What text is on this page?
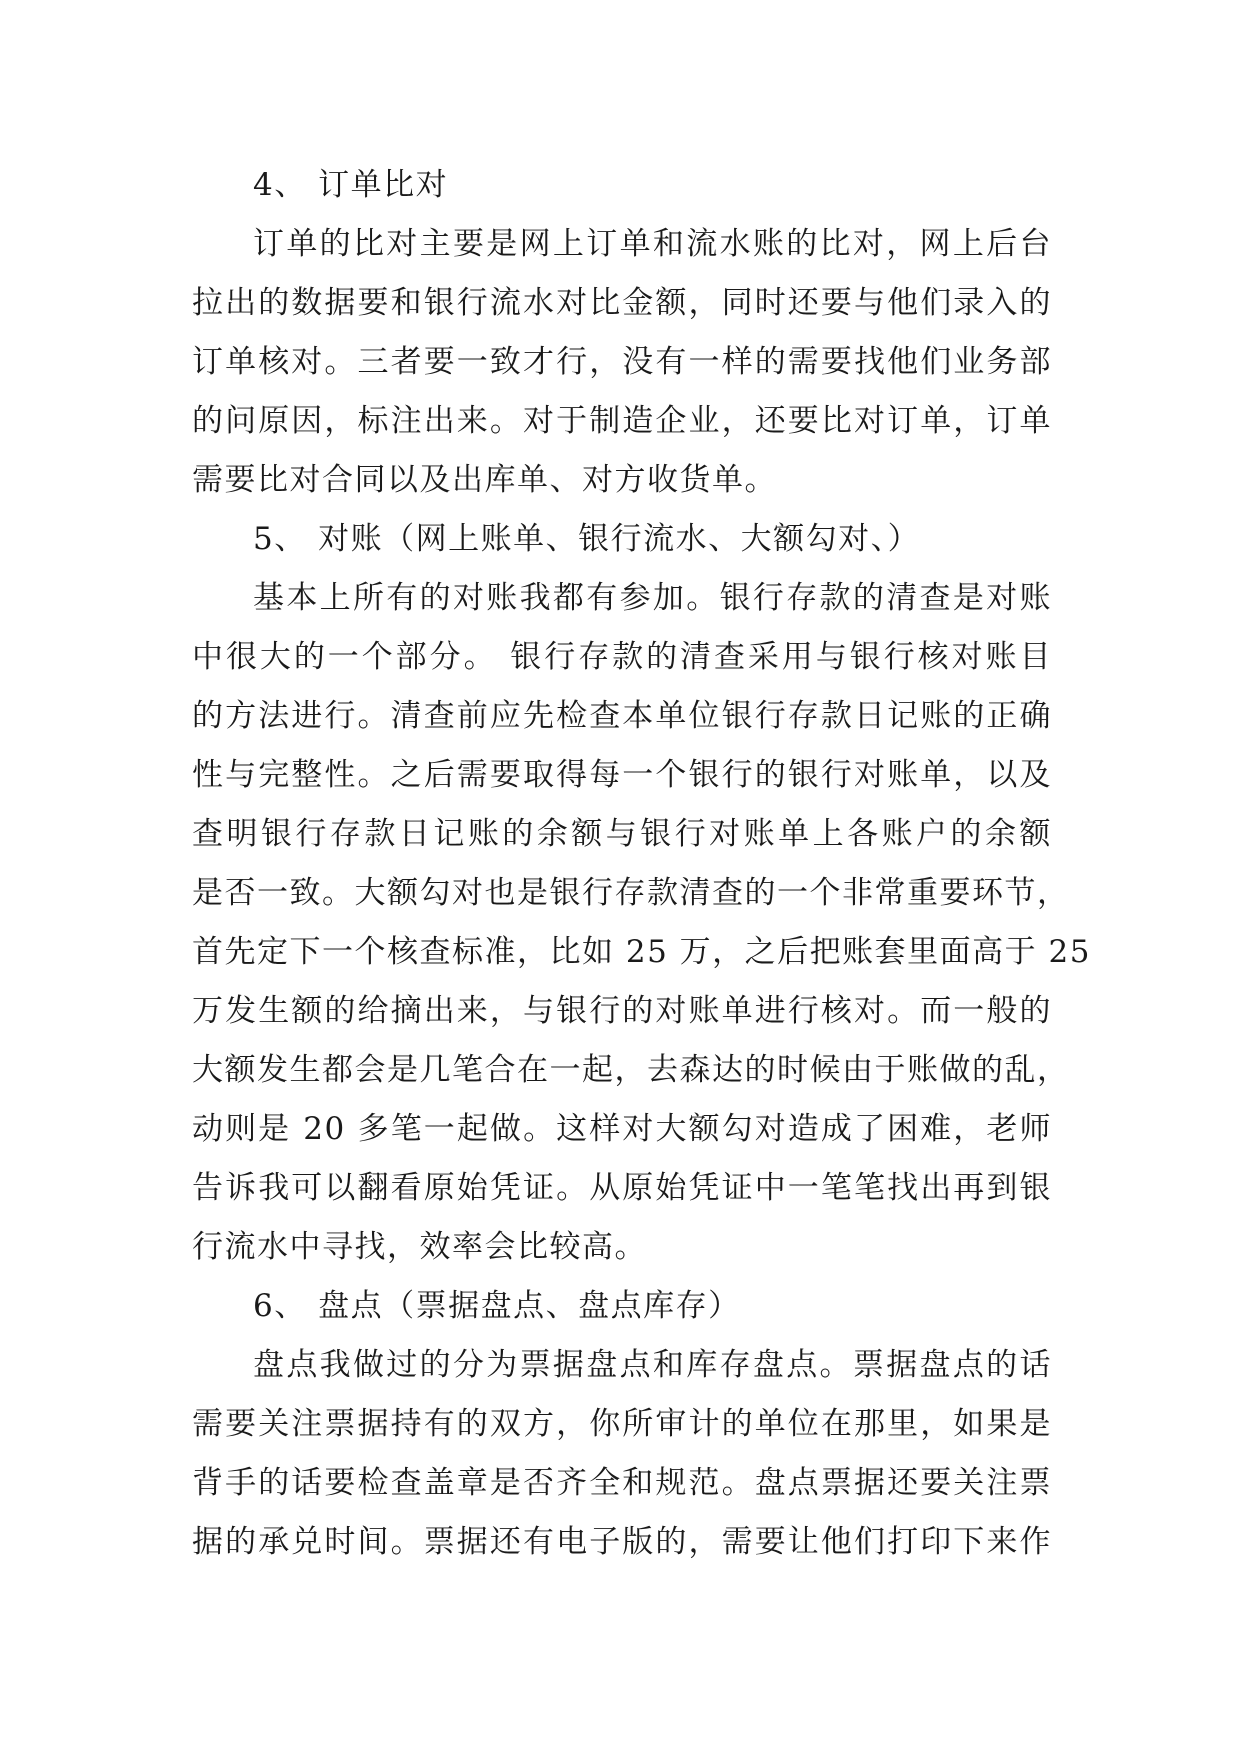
4、 订单比对
订单的比对主要是网上订单和流水账的比对，网上后台
拉出的数据要和银行流水对比金额，同时还要与他们录入的
订单核对。三者要一致才行，没有一样的需要找他们业务部
的问原因，标注出来。对于制造企业，还要比对订单，订单
需要比对合同以及出库单、对方收货单。
5、 对账（网上账单、银行流水、大额勾对、）
基本上所有的对账我都有参加。银行存款的清查是对账
中很大的一个部分。 银行存款的清查采用与银行核对账目
的方法进行。清查前应先检查本单位银行存款日记账的正确
性与完整性。之后需要取得每一个银行的银行对账单，以及
查明银行存款日记账的余额与银行对账单上各账户的余额
是否一致。大额勾对也是银行存款清查的一个非常重要环节，
首先定下一个核查标准，比如 25 万，之后把账套里面高于 25
万发生额的给摘出来，与银行的对账单进行核对。而一般的
大额发生都会是几笔合在一起，去森达的时候由于账做的乱，
动则是 20 多笔一起做。这样对大额勾对造成了困难，老师
告诉我可以翻看原始凭证。从原始凭证中一笔笔找出再到银
行流水中寻找，效率会比较高。
6、 盘点（票据盘点、盘点库存）
盘点我做过的分为票据盘点和库存盘点。票据盘点的话
需要关注票据持有的双方，你所审计的单位在那里，如果是
背手的话要检查盖章是否齐全和规范。盘点票据还要关注票
据的承兑时间。票据还有电子版的，需要让他们打印下来作
